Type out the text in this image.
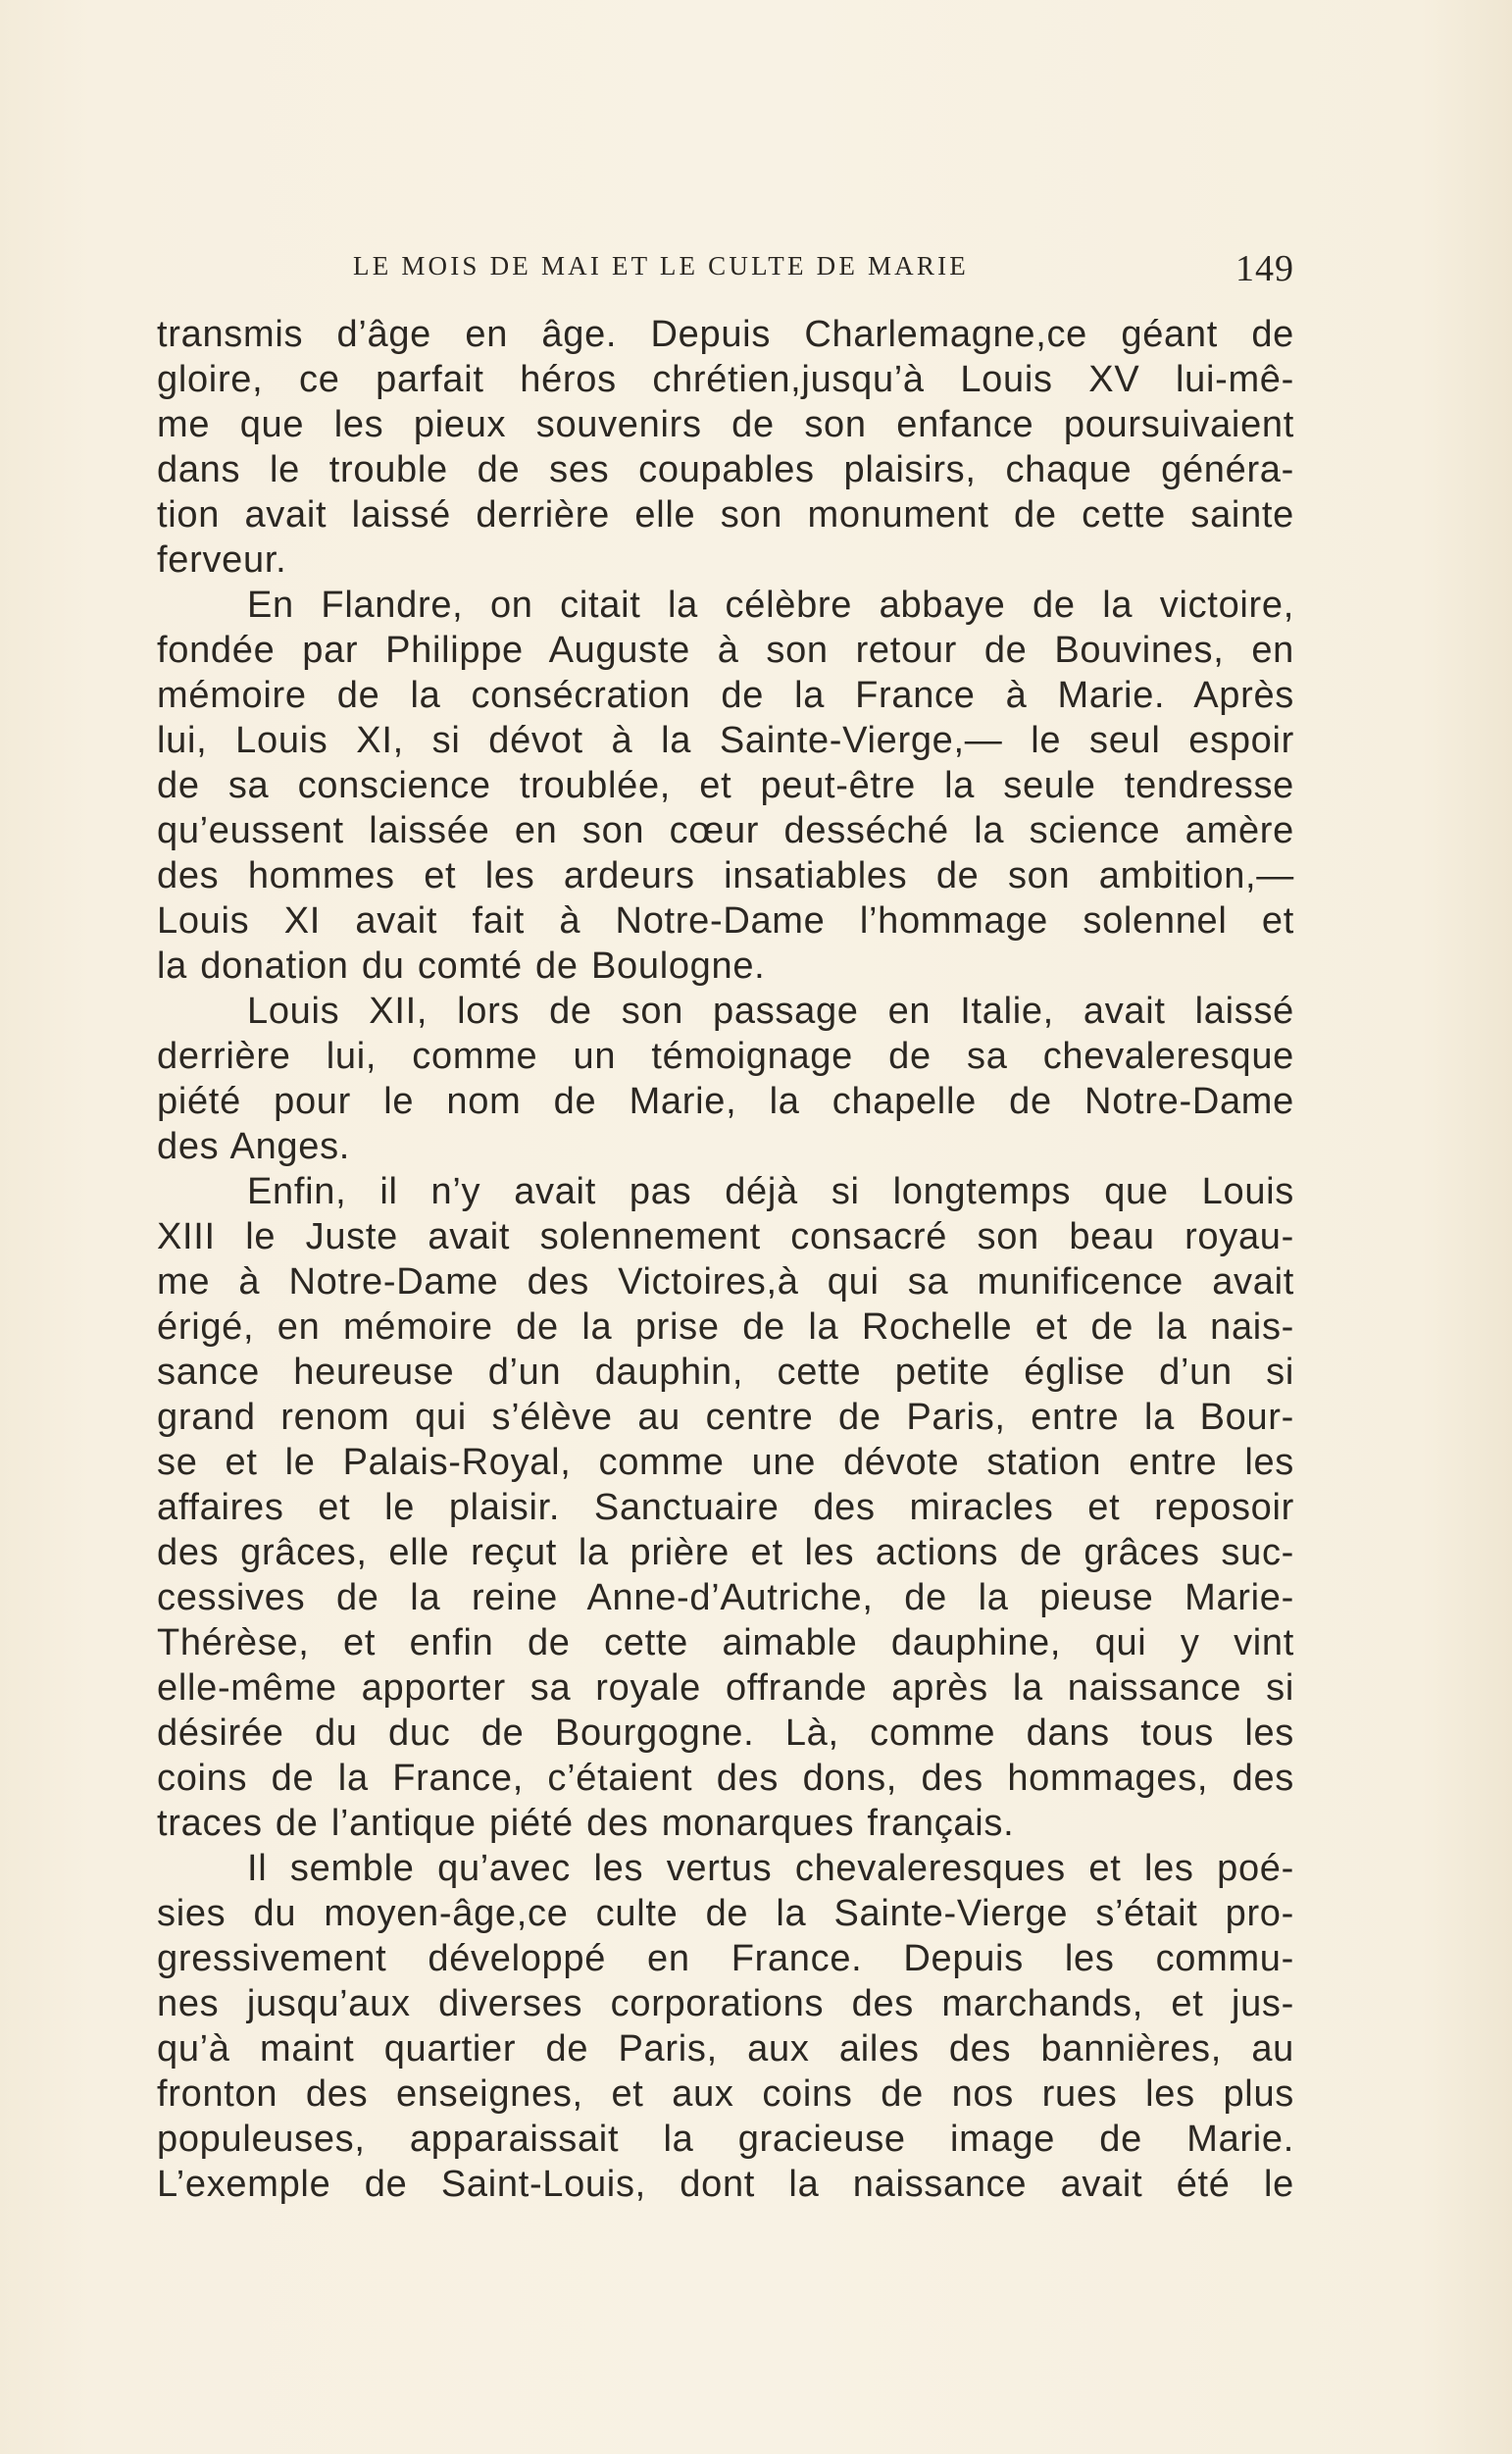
LE MOIS DE MAI ET LE CULTE DE MARIE	149
transmis d’âge en âge. Depuis Charlemagne,ce géant de
gloire, ce parfait héros chrétien,jusqu’à Louis XV lui-mê-
me que les pieux souvenirs de son enfance poursuivaient
dans le trouble de ses coupables plaisirs, chaque généra-
tion avait laissé derrière elle son monument de cette sainte
ferveur.
En Flandre, on citait la célèbre abbaye de la victoire,
fondée par Philippe Auguste à son retour de Bouvines, en
mémoire de la consécration de la France à Marie. Après
lui, Louis XI, si dévot à la Sainte-Vierge,— le seul espoir
de sa conscience troublée, et peut-être la seule tendresse
qu’eussent laissée en son cœur desséché la science amère
des hommes et les ardeurs insatiables de son ambition,—
Louis XI avait fait à Notre-Dame l’hommage solennel et
la donation du comté de Boulogne.
Louis XII, lors de son passage en Italie, avait laissé
derrière lui, comme un témoignage de sa chevaleresque
piété pour le nom de Marie, la chapelle de Notre-Dame
des Anges.
Enfin, il n’y avait pas déjà si longtemps que Louis
XIII le Juste avait solennement consacré son beau royau-
me à Notre-Dame des Victoires,à qui sa munificence avait
érigé, en mémoire de la prise de la Rochelle et de la nais-
sance heureuse d’un dauphin, cette petite église d’un si
grand renom qui s’élève au centre de Paris, entre la Bour-
se et le Palais-Royal, comme une dévote station entre les
affaires et le plaisir. Sanctuaire des miracles et reposoir
des grâces, elle reçut la prière et les actions de grâces suc-
cessives de la reine Anne-d’Autriche, de la pieuse Marie-
Thérèse, et enfin de cette aimable dauphine, qui y vint
elle-même apporter sa royale offrande après la naissance si
désirée du duc de Bourgogne. Là, comme dans tous les
coins de la France, c’étaient des dons, des hommages, des
traces de l’antique piété des monarques français.
Il semble qu’avec les vertus chevaleresques et les poé-
sies du moyen-âge,ce culte de la Sainte-Vierge s’était pro-
gressivement développé en France. Depuis les commu-
nes jusqu’aux diverses corporations des marchands, et jus-
qu’à maint quartier de Paris, aux ailes des bannières, au
fronton des enseignes, et aux coins de nos rues les plus
populeuses, apparaissait la gracieuse image de Marie.
L’exemple de Saint-Louis, dont la naissance avait été le
